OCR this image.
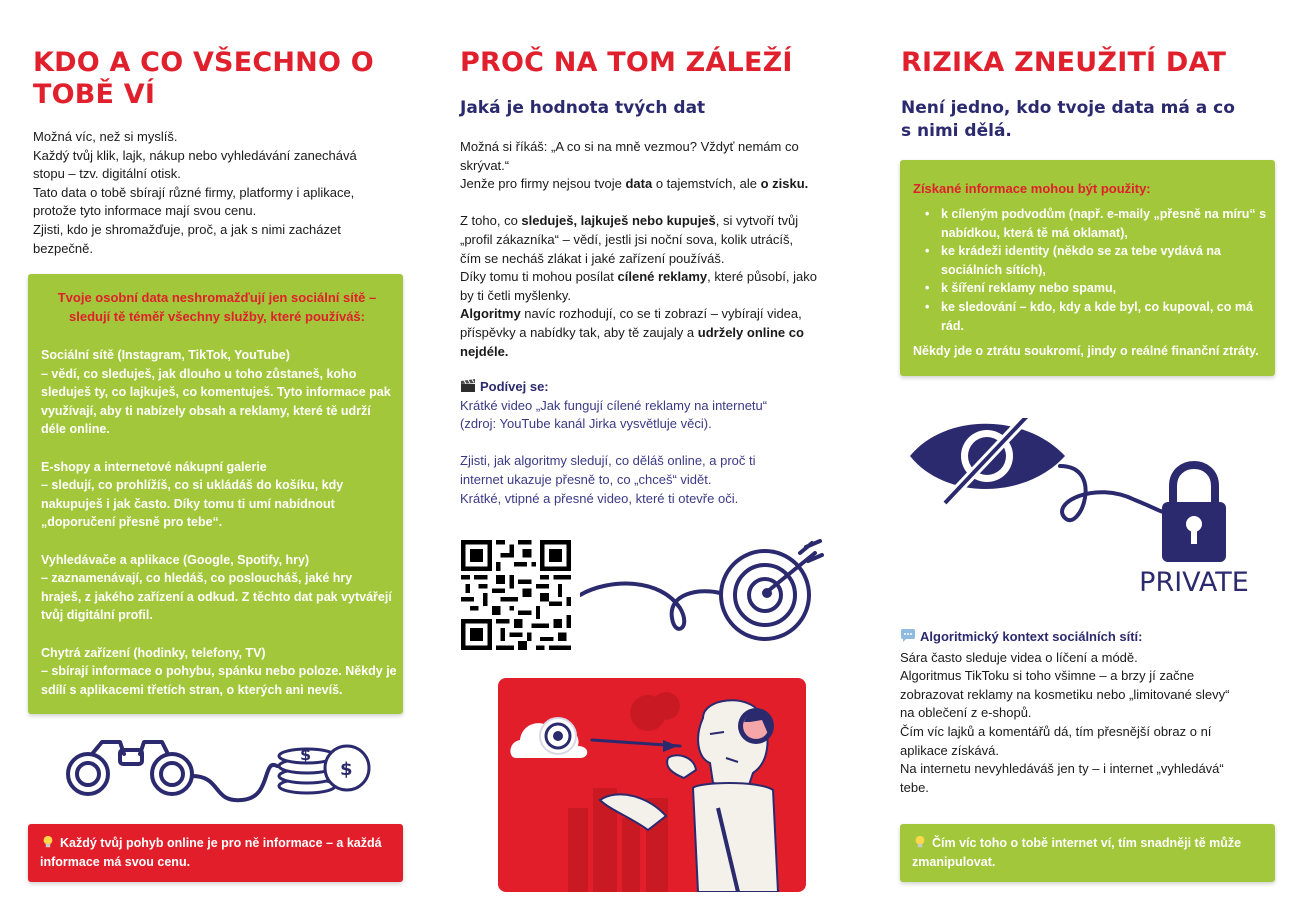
KDO A CO VŠECHNO O
TOBĚ VÍ

Možná víc, než si myslíš.

Každý tvůj klik, lajk, nákup nebo vyhledávání zanechává

stopu – tzv. digitální otisk.

Tato data o tobě sbírají různé firmy, platformy i aplikace,

protože tyto informace mají svou cenu.

Zjisti, kdo je shromažďuje, proč, a jak s nimi zacházet

bezpečně.

Tvoje osobní data neshromažďují jen sociální sítě –
sledují tě téměř všechny služby, které používáš:
Sociální sítě (Instagram, TikTok, YouTube)
– vědí, co sleduješ, jak dlouho u toho zůstaneš, koho
sleduješ ty, co lajkuješ, co komentuješ. Tyto informace pak
využívají, aby ti nabízely obsah a reklamy, které tě udrží
déle online.
E-shopy a internetové nákupní galerie
– sledují, co prohlížíš, co si ukládáš do košíku, kdy
nakupuješ i jak často. Díky tomu ti umí nabídnout
„doporučení přesně pro tebe“.
Vyhledávače a aplikace (Google, Spotify, hry)
– zaznamenávají, co hledáš, co posloucháš, jaké hry
hraješ, z jakého zařízení a odkud. Z těchto dat pak vytvářejí
tvůj digitální profil.
Chytrá zařízení (hodinky, telefony, TV)
– sbírají informace o pohybu, spánku nebo poloze. Někdy je
sdílí s aplikacemi třetích stran, o kterých ani nevíš.
$
$
Každý tvůj pohyb online je pro ně informace – a každá
informace má svou cenu.
PROČ NA TOM ZÁLEŽÍ
Jaká je hodnota tvých dat

Možná si říkáš: „A co si na mně vezmou? Vždyť nemám co

skrývat.“

Jenže pro firmy nejsou tvoje data o tajemstvích, ale o zisku.

Z toho, co sleduješ, lajkuješ nebo kupuješ, si vytvoří tvůj

„profil zákazníka“ – vědí, jestli jsi noční sova, kolik utrácíš,

čím se necháš zlákat i jaké zařízení používáš.

Díky tomu ti mohou posílat cílené reklamy, které působí, jako

by ti četli myšlenky.

Algoritmy navíc rozhodují, co se ti zobrazí – vybírají videa,

příspěvky a nabídky tak, aby tě zaujaly a udržely online co

nejdéle.

Podívej se:

Krátké video „Jak fungují cílené reklamy na internetu“

(zdroj: YouTube kanál Jirka vysvětluje věci).

Zjisti, jak algoritmy sledují, co děláš online, a proč ti

internet ukazuje přesně to, co „chceš“ vidět.

Krátké, vtipné a přesné video, které ti otevře oči.

RIZIKA ZNEUŽITÍ DAT
Není jedno, kdo tvoje data má a co
s nimi dělá.
Získané informace mohou být použity:
• k cíleným podvodům (např. e-maily „přesně na míru“ s
nabídkou, která tě má oklamat),
• ke krádeži identity (někdo se za tebe vydává na
sociálních sítích),
• k šíření reklamy nebo spamu,
• ke sledování – kdo, kdy a kde byl, co kupoval, co má rád.
Někdy jde o ztrátu soukromí, jindy o reálné finanční ztráty.
PRIVATE

Algoritmický kontext sociálních sítí:

Sára často sleduje videa o líčení a módě.

Algoritmus TikToku si toho všimne – a brzy jí začne

zobrazovat reklamy na kosmetiku nebo „limitované slevy“

na oblečení z e-shopů.

Čím víc lajků a komentářů dá, tím přesnější obraz o ní

aplikace získává.

Na internetu nevyhledáváš jen ty – i internet „vyhledává“

tebe.

Čím víc toho o tobě internet ví, tím snadněji tě může
zmanipulovat.
